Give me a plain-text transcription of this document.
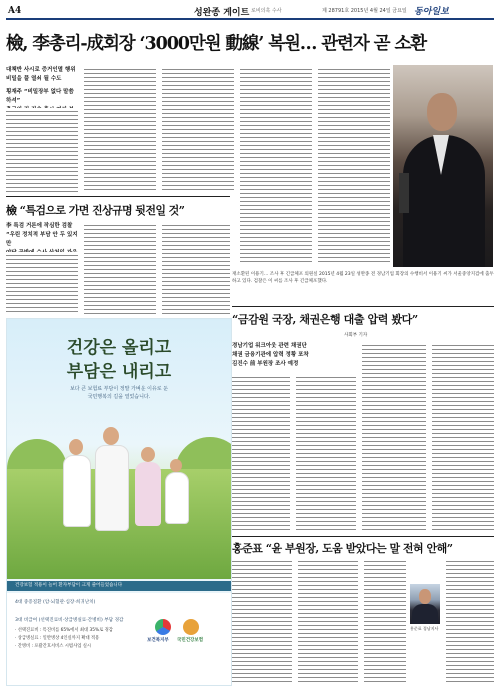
A4	성완종 게이트 로비의혹 수사	제 28791호 2015년 4월 24일 금요일 동아일보
檢, 李총리-成회장 ‘3000만원 動線’ 복원… 관련자 곧 소환
대책반 사시로 증거인멸 행위
비밀을 풀 열쇠 될 수도
횡재주 “비밀장부 없다 말씀하셔”
재소환된 이용기… 조사 후 긴급체포 의원실 2015년 4월 23일 성완종 전 경남기업 회장의 수행비서 이용기 씨가 서울중앙지검에 출두하고 있다. 검찰은 이 씨를 조사 후 긴급체포했다.
檢 “특검으로 가면 진상규명 뒷전일 것”
李 특검 거론에 작심한 검찰
“우린 정치적 부담 안 두 있지만
건강은 올리고
부담은 내리고
보다 큰 보험료 부담이 정말 가벼운 이유로 둔
국민행복의 길을 열었습니다.
건강보험 적용이 늘어 환자부담이 크게 줄어들었습니다
4대 중증질환 (암·뇌혈관·심장·희귀난치)
3대 비급여 (선택진료비·상급병실료·간병비) 부담 경감
· 선택진료비 : 특진비를 65%에서 최대 35%로 경감
· 상급병실료 : 일반병상 4인실까지 확대 적용
· 간병비 : 포괄간호서비스 시범사업 실시
보건복지부 국민건강보험
“금감원 국장, 채권은행 대출 압력 봤다”
사회부 기자
경남기업 워크아웃 관련 채권단
채권 금융기관에 압력 정황 포착
김진수 前 부원장 조사 예정
홍준표 “윤 부원장, 도움 받았다는 말 전혀 안해”
홍준표 경남지사
